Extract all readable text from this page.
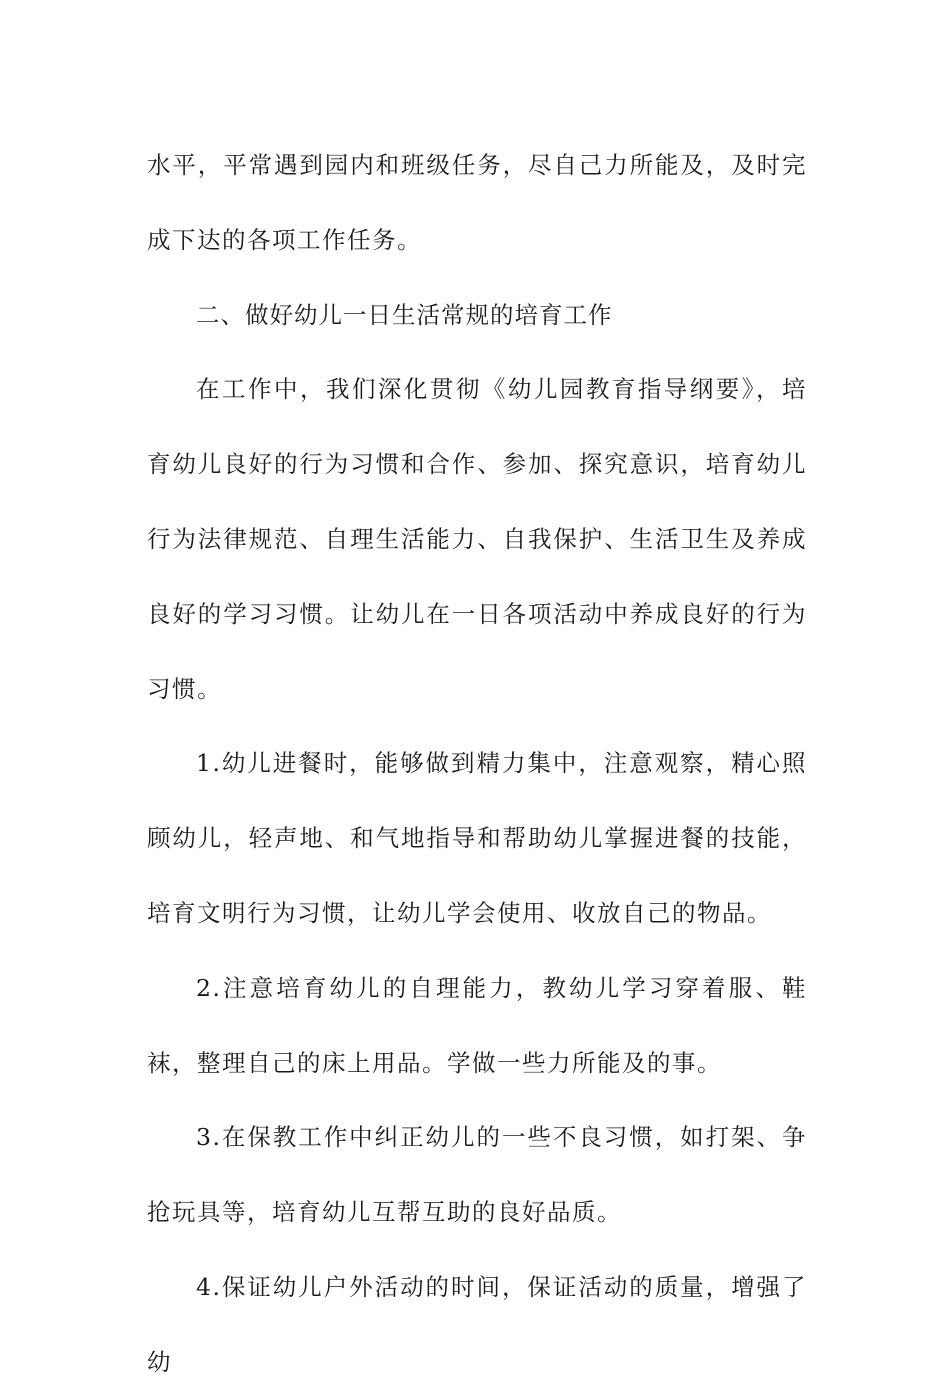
水平，平常遇到园内和班级任务，尽自己力所能及，及时完成下达的各项工作任务。

二、做好幼儿一日生活常规的培育工作

在工作中，我们深化贯彻《幼儿园教育指导纲要》，培育幼儿良好的行为习惯和合作、参加、探究意识，培育幼儿行为法律规范、自理生活能力、自我保护、生活卫生及养成良好的学习习惯。让幼儿在一日各项活动中养成良好的行为习惯。

1.幼儿进餐时，能够做到精力集中，注意观察，精心照顾幼儿，轻声地、和气地指导和帮助幼儿掌握进餐的技能，培育文明行为习惯，让幼儿学会使用、收放自己的物品。

2.注意培育幼儿的自理能力，教幼儿学习穿着服、鞋袜，整理自己的床上用品。学做一些力所能及的事。

3.在保教工作中纠正幼儿的一些不良习惯，如打架、争抢玩具等，培育幼儿互帮互助的良好品质。

4.保证幼儿户外活动的时间，保证活动的质量，增强了幼
